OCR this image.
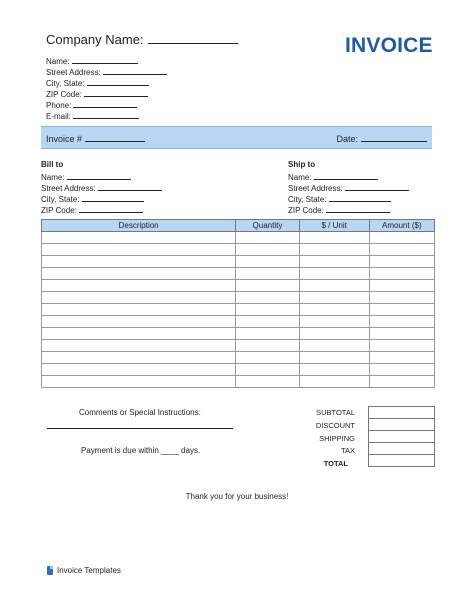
Company Name:	INVOICE
Name:
Street Address:
City, State:
ZIP Code:
Phone:
E-mail:
Invoice #	Date:
Bill to
Name:
Street Address:
City, State:
ZIP Code:
Ship to
Name:
Street Address:
City, State:
ZIP Code:
Description	Quantity	$ / Unit	Amount ($)

Comments or Special Instructions:
Payment is due within ____ days.
SUBTOTAL
DISCOUNT
SHIPPING
TAX
TOTAL

Thank you for your business!
Invoice Templates
